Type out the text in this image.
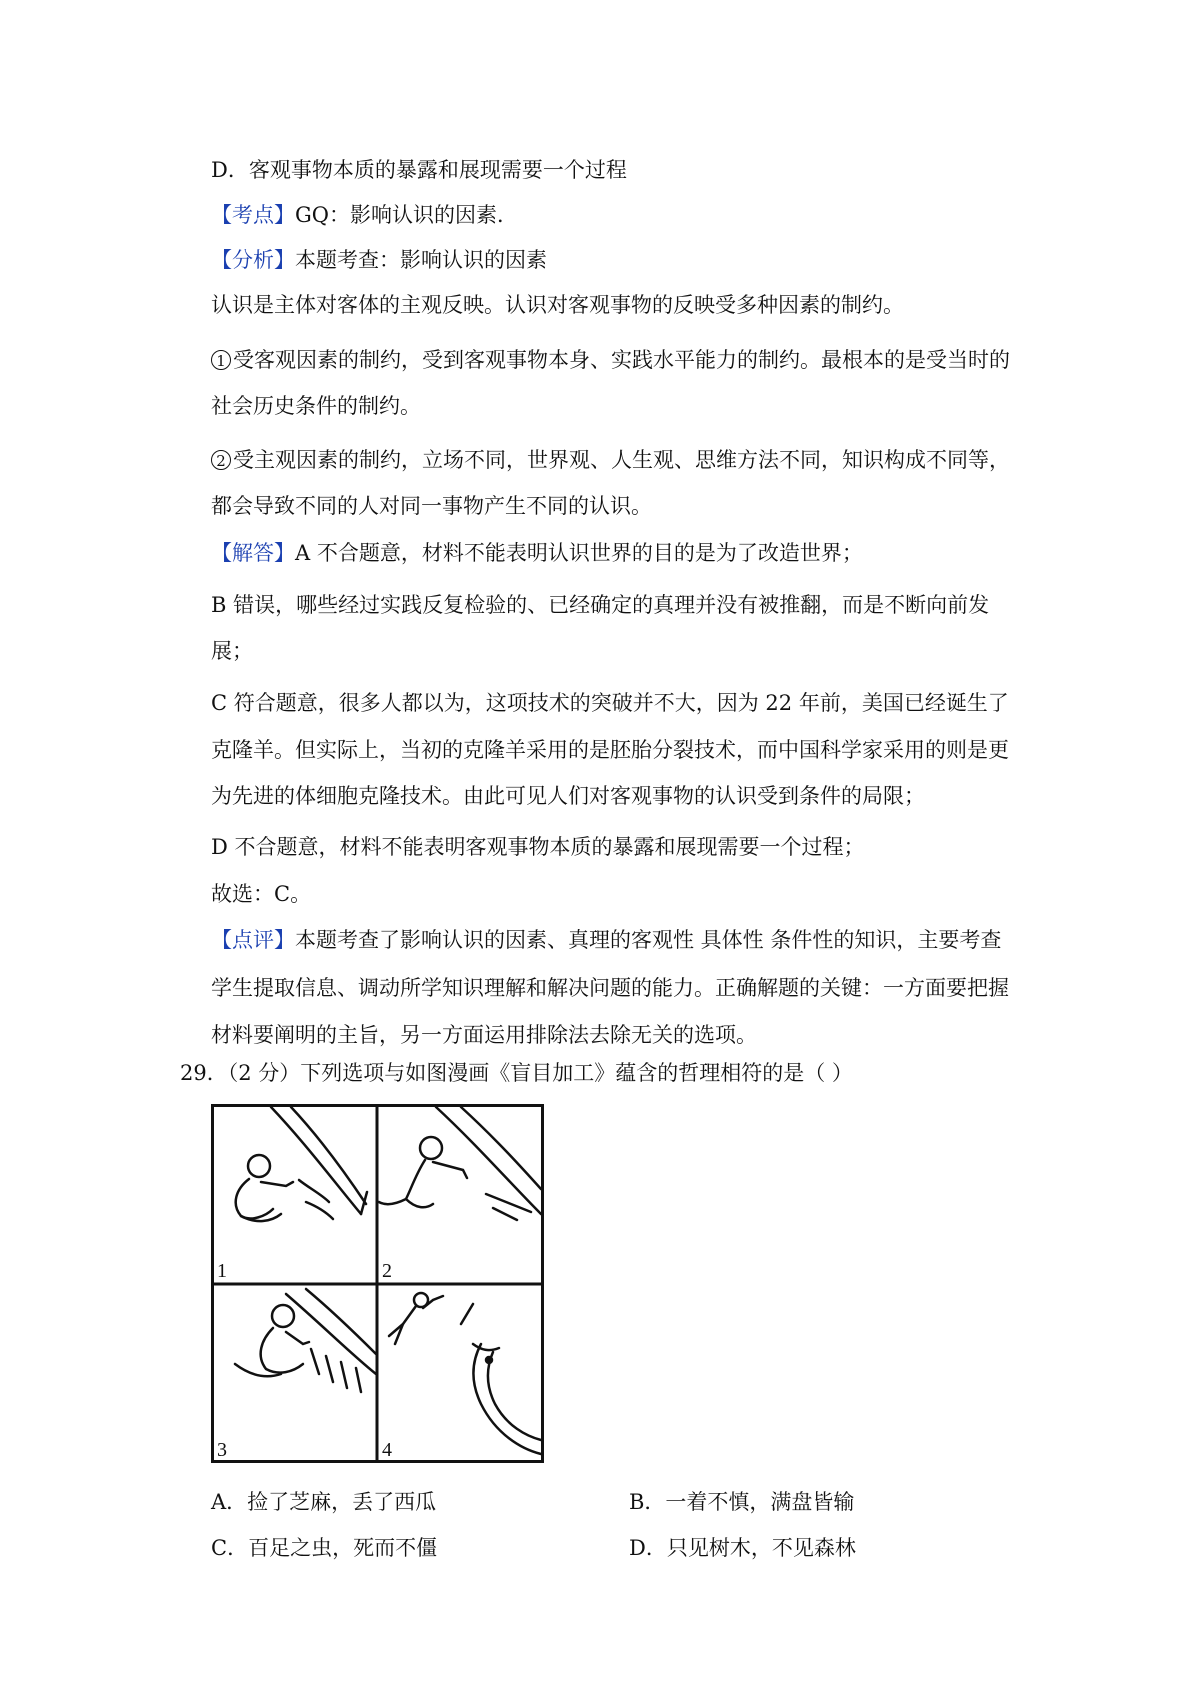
D．客观事物本质的暴露和展现需要一个过程
【考点】GQ：影响认识的因素．
【分析】本题考查：影响认识的因素
认识是主体对客体的主观反映。认识对客观事物的反映受多种因素的制约。
1 受客观因素的制约，受到客观事物本身、实践水平能力的制约。最根本的是受当时的
社会历史条件的制约。
2 受主观因素的制约，立场不同，世界观、人生观、思维方法不同，知识构成不同等，
都会导致不同的人对同一事物产生不同的认识。
【解答】A 不合题意，材料不能表明认识世界的目的是为了改造世界；
B 错误，哪些经过实践反复检验的、已经确定的真理并没有被推翻，而是不断向前发
展；
C 符合题意，很多人都以为，这项技术的突破并不大，因为 22 年前，美国已经诞生了
克隆羊。但实际上，当初的克隆羊采用的是胚胎分裂技术，而中国科学家采用的则是更
为先进的体细胞克隆技术。由此可见人们对客观事物的认识受到条件的局限；
D 不合题意，材料不能表明客观事物本质的暴露和展现需要一个过程；
故选：C。
【点评】本题考查了影响认识的因素、真理的客观性 具体性 条件性的知识，主要考查
学生提取信息、调动所学知识理解和解决问题的能力。正确解题的关键：一方面要把握
材料要阐明的主旨，另一方面运用排除法去除无关的选项。
29．（2 分）下列选项与如图漫画《盲目加工》蕴含的哲理相符的是（ ）
1	2
3	4
A．捡了芝麻，丢了西瓜	B．一着不慎，满盘皆输
C．百足之虫，死而不僵	D．只见树木，不见森林
